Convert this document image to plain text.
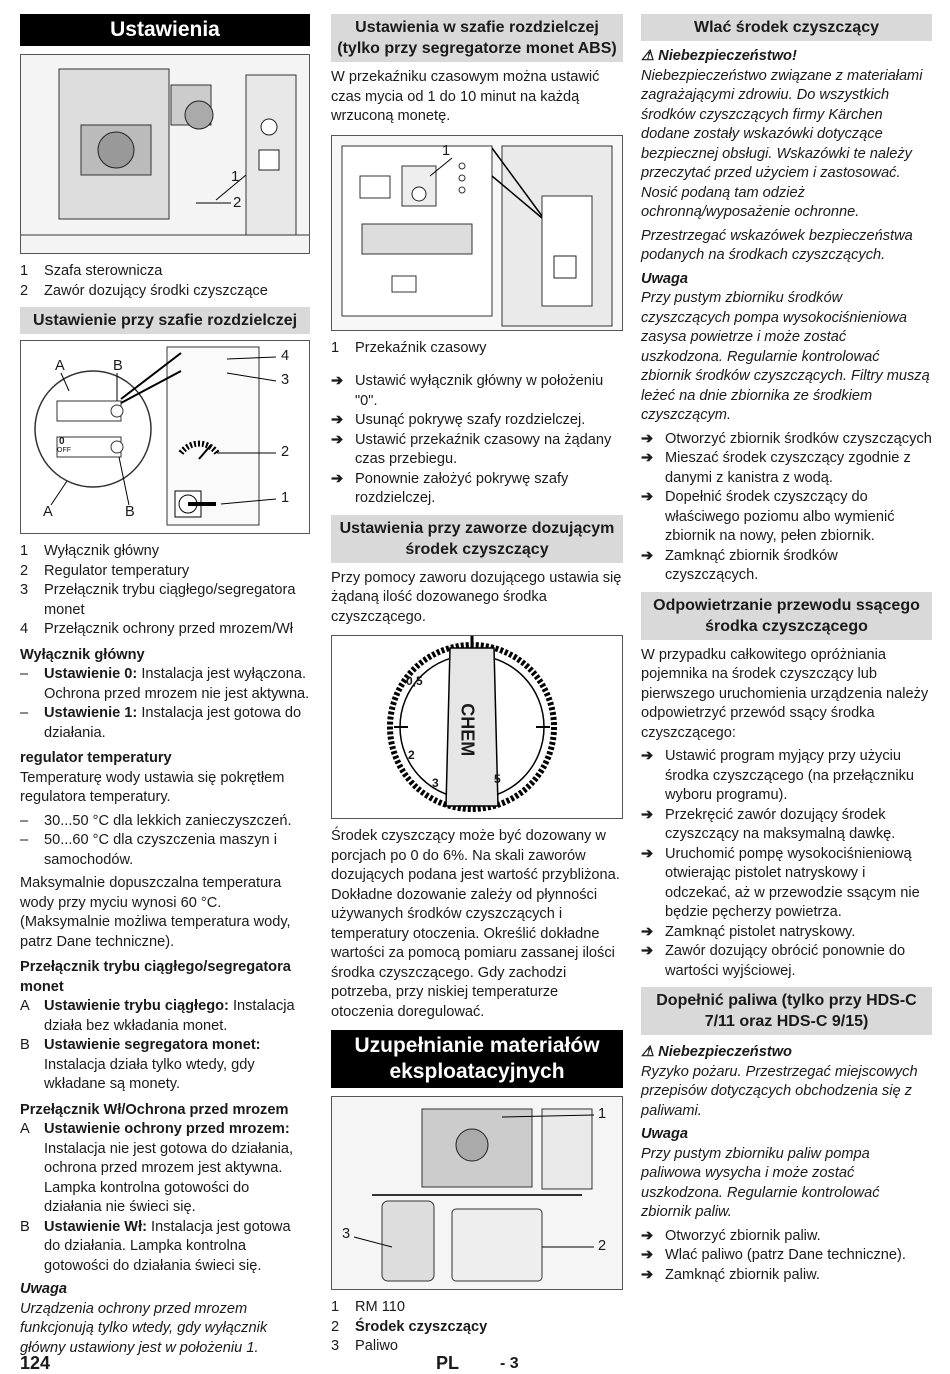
Ustawienia
1
2
1	Szafa sterownicza
2	Zawór dozujący środki czyszczące
Ustawienie przy szafie rozdzielczej
A	B
A	B
0
OFF
4
3
2
1
1	Wyłącznik główny
2	Regulator temperatury
3	Przełącznik trybu ciągłego/segregatora monet
4	Przełącznik ochrony przed mrozem/Wł
Wyłącznik główny
–	Ustawienie 0: Instalacja jest wyłączona. Ochrona przed mrozem nie jest aktywna.
–	Ustawienie 1: Instalacja jest gotowa do działania.
regulator temperatury

Temperaturę wody ustawia się pokrętłem regulatora temperatury.

–	30...50 °C dla lekkich zanieczyszczeń.
–	50...60 °C dla czyszczenia maszyn i samochodów.

Maksymalnie dopuszczalna temperatura wody przy myciu wynosi 60 °C. (Maksymalnie możliwa temperatura wody, patrz Dane techniczne).

Przełącznik trybu ciągłego/segregatora monet
A Ustawienie trybu ciągłego: Instalacja działa bez wkładania monet.
B Ustawienie segregatora monet: Instalacja działa tylko wtedy, gdy wkładane są monety.
Przełącznik Wł/Ochrona przed mrozem
A Ustawienie ochrony przed mrozem: Instalacja nie jest gotowa do działania, ochrona przed mrozem jest aktywna. Lampka kontrolna gotowości do działania nie świeci się.
B Ustawienie Wł: Instalacja jest gotowa do działania. Lampka kontrolna gotowości do działania świeci się.
Uwaga

Urządzenia ochrony przed mrozem funkcjonują tylko wtedy, gdy wyłącznik główny ustawiony jest w położeniu 1.

Ustawienia w szafie rozdzielczej (tylko przy segregatorze monet ABS)

W przekaźniku czasowym można ustawić czas mycia od 1 do 10 minut na każdą wrzuconą monetę.

1
1	Przekaźnik czasowy
➔ Ustawić wyłącznik główny w położeniu "0".
➔ Usunąć pokrywę szafy rozdzielczej.
➔ Ustawić przekaźnik czasowy na żądany czas przebiegu.
➔ Ponownie założyć pokrywę szafy rozdzielczej.
Ustawienia przy zaworze dozującym środek czyszczący

Przy pomocy zaworu dozującego ustawia się żądaną ilość dozowanego środka czyszczącego.

0,5
2
3	5
CHEM

Środek czyszczący może być dozowany w porcjach po 0 do 6%. Na skali zaworów dozujących podana jest wartość przybliżona. Dokładne dozowanie zależy od płynności używanych środków czyszczących i temperatury otoczenia. Określić dokładne wartości za pomocą pomiaru zassanej ilości środka czyszczącego. Gdy zachodzi potrzeba, przy niskiej temperaturze otoczenia doregulować.

Uzupełnianie materiałów eksploatacyjnych
1
2
3
1	RM 110
2	Środek czyszczący
3	Paliwo
Wlać środek czyszczący
⚠ Niebezpieczeństwo!

Niebezpieczeństwo związane z materiałami zagrażającymi zdrowiu. Do wszystkich środków czyszczących firmy Kärchen dodane zostały wskazówki dotyczące bezpiecznej obsługi. Wskazówki te należy przeczytać przed użyciem i zastosować. Nosić podaną tam odzież ochronną/wyposażenie ochronne.

Przestrzegać wskazówek bezpieczeństwa podanych na środkach czyszczących.

Uwaga

Przy pustym zbiorniku środków czyszczących pompa wysokociśnieniowa zasysa powietrze i może zostać uszkodzona. Regularnie kontrolować zbiornik środków czyszczących. Filtry muszą leżeć na dnie zbiornika ze środkiem czyszczącym.

➔ Otworzyć zbiornik środków czyszczących
➔ Mieszać środek czyszczący zgodnie z danymi z kanistra z wodą.
➔ Dopełnić środek czyszczący do właściwego poziomu albo wymienić zbiornik na nowy, pełen zbiornik.
➔ Zamknąć zbiornik środków czyszczących.
Odpowietrzanie przewodu ssącego środka czyszczącego

W przypadku całkowitego opróżniania pojemnika na środek czyszczący lub pierwszego uruchomienia urządzenia należy odpowietrzyć przewód ssący środka czyszczącego:

➔ Ustawić program myjący przy użyciu środka czyszczącego (na przełączniku wyboru programu).
➔ Przekręcić zawór dozujący środek czyszczący na maksymalną dawkę.
➔ Uruchomić pompę wysokociśnieniową otwierając pistolet natryskowy i odczekać, aż w przewodzie ssącym nie będzie pęcherzy powietrza.
➔ Zamknąć pistolet natryskowy.
➔ Zawór dozujący obrócić ponownie do wartości wyjściowej.
Dopełnić paliwa (tylko przy HDS-C 7/11 oraz HDS-C 9/15)
⚠ Niebezpieczeństwo

Ryzyko pożaru. Przestrzegać miejscowych przepisów dotyczących obchodzenia się z paliwami.

Uwaga

Przy pustym zbiorniku paliw pompa paliwowa wysycha i może zostać uszkodzona. Regularnie kontrolować zbiornik paliw.

➔ Otworzyć zbiornik paliw.
➔ Wlać paliwo (patrz Dane techniczne).
➔ Zamknąć zbiornik paliw.
124	PL	- 3
